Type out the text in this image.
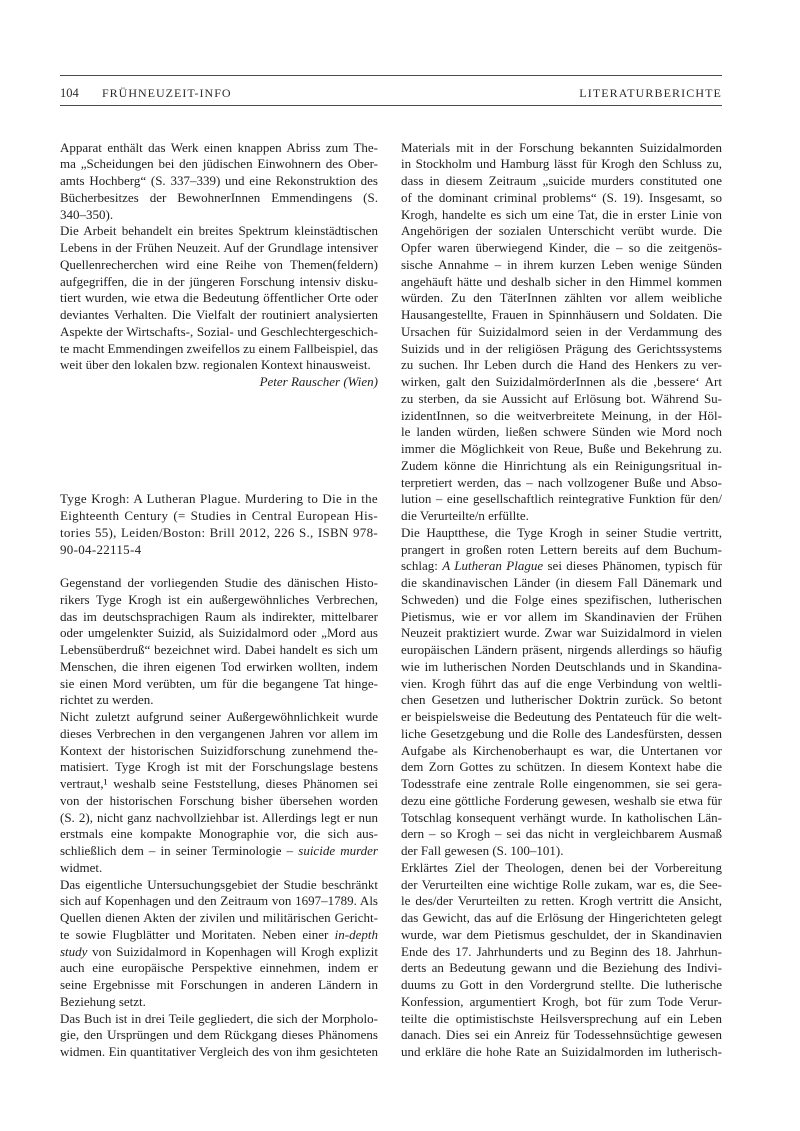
104 FRÜHNEUZEIT-INFO	LITERATURBERICHTE
Apparat enthält das Werk einen knappen Abriss zum The-
ma „Scheidungen bei den jüdischen Einwohnern des Ober-
amts Hochberg“ (S. 337–339) und eine Rekonstruktion des
Bücherbesitzes der BewohnerInnen Emmendingens (S.
340–350).
Die Arbeit behandelt ein breites Spektrum kleinstädtischen
Lebens in der Frühen Neuzeit. Auf der Grundlage intensiver
Quellenrecherchen wird eine Reihe von Themen(feldern)
aufgegriffen, die in der jüngeren Forschung intensiv disku-
tiert wurden, wie etwa die Bedeutung öffentlicher Orte oder
deviantes Verhalten. Die Vielfalt der routiniert analysierten
Aspekte der Wirtschafts-, Sozial- und Geschlechtergeschich-
te macht Emmendingen zweifellos zu einem Fallbeispiel, das
weit über den lokalen bzw. regionalen Kontext hinausweist.
Peter Rauscher (Wien)
Tyge Krogh: A Lutheran Plague. Murdering to Die in the
Eighteenth Century (= Studies in Central European His-
tories 55), Leiden/Boston: Brill 2012, 226 S., ISBN 978-
90-04-22115-4
Gegenstand der vorliegenden Studie des dänischen Histo-
rikers Tyge Krogh ist ein außergewöhnliches Verbrechen,
das im deutschsprachigen Raum als indirekter, mittelbarer
oder umgelenkter Suizid, als Suizidalmord oder „Mord aus
Lebensüberdruß“ bezeichnet wird. Dabei handelt es sich um
Menschen, die ihren eigenen Tod erwirken wollten, indem
sie einen Mord verübten, um für die begangene Tat hinge-
richtet zu werden.
Nicht zuletzt aufgrund seiner Außergewöhnlichkeit wurde
dieses Verbrechen in den vergangenen Jahren vor allem im
Kontext der historischen Suizidforschung zunehmend the-
matisiert. Tyge Krogh ist mit der Forschungslage bestens
vertraut,¹ weshalb seine Feststellung, dieses Phänomen sei
von der historischen Forschung bisher übersehen worden
(S. 2), nicht ganz nachvollziehbar ist. Allerdings legt er nun
erstmals eine kompakte Monographie vor, die sich aus-
schließlich dem – in seiner Terminologie – suicide murder
widmet.
Das eigentliche Untersuchungsgebiet der Studie beschränkt
sich auf Kopenhagen und den Zeitraum von 1697–1789. Als
Quellen dienen Akten der zivilen und militärischen Gericht-
te sowie Flugblätter und Moritaten. Neben einer in-depth
study von Suizidalmord in Kopenhagen will Krogh explizit
auch eine europäische Perspektive einnehmen, indem er
seine Ergebnisse mit Forschungen in anderen Ländern in
Beziehung setzt.
Das Buch ist in drei Teile gegliedert, die sich der Morpholo-
gie, den Ursprüngen und dem Rückgang dieses Phänomens
widmen. Ein quantitativer Vergleich des von ihm gesichteten
Materials mit in der Forschung bekannten Suizidalmorden
in Stockholm und Hamburg lässt für Krogh den Schluss zu,
dass in diesem Zeitraum „suicide murders constituted one
of the dominant criminal problems“ (S. 19). Insgesamt, so
Krogh, handelte es sich um eine Tat, die in erster Linie von
Angehörigen der sozialen Unterschicht verübt wurde. Die
Opfer waren überwiegend Kinder, die – so die zeitgenös-
sische Annahme – in ihrem kurzen Leben wenige Sünden
angehäuft hätte und deshalb sicher in den Himmel kommen
würden. Zu den TäterInnen zählten vor allem weibliche
Hausangestellte, Frauen in Spinnhäusern und Soldaten. Die
Ursachen für Suizidalmord seien in der Verdammung des
Suizids und in der religiösen Prägung des Gerichtssystems
zu suchen. Ihr Leben durch die Hand des Henkers zu ver-
wirken, galt den SuizidalmörderInnen als die ‚bessere‘ Art
zu sterben, da sie Aussicht auf Erlösung bot. Während Su-
izidentInnen, so die weitverbreitete Meinung, in der Höl-
le landen würden, ließen schwere Sünden wie Mord noch
immer die Möglichkeit von Reue, Buße und Bekehrung zu.
Zudem könne die Hinrichtung als ein Reinigungsritual in-
terpretiert werden, das – nach vollzogener Buße und Abso-
lution – eine gesellschaftlich reintegrative Funktion für den/
die Verurteilte/n erfüllte.
Die Hauptthese, die Tyge Krogh in seiner Studie vertritt,
prangert in großen roten Lettern bereits auf dem Buchum-
schlag: A Lutheran Plague sei dieses Phänomen, typisch für
die skandinavischen Länder (in diesem Fall Dänemark und
Schweden) und die Folge eines spezifischen, lutherischen
Pietismus, wie er vor allem im Skandinavien der Frühen
Neuzeit praktiziert wurde. Zwar war Suizidalmord in vielen
europäischen Ländern präsent, nirgends allerdings so häufig
wie im lutherischen Norden Deutschlands und in Skandina-
vien. Krogh führt das auf die enge Verbindung von weltli-
chen Gesetzen und lutherischer Doktrin zurück. So betont
er beispielsweise die Bedeutung des Pentateuch für die welt-
liche Gesetzgebung und die Rolle des Landesfürsten, dessen
Aufgabe als Kirchenoberhaupt es war, die Untertanen vor
dem Zorn Gottes zu schützen. In diesem Kontext habe die
Todesstrafe eine zentrale Rolle eingenommen, sie sei gera-
dezu eine göttliche Forderung gewesen, weshalb sie etwa für
Totschlag konsequent verhängt wurde. In katholischen Län-
dern – so Krogh – sei das nicht in vergleichbarem Ausmaß
der Fall gewesen (S. 100–101).
Erklärtes Ziel der Theologen, denen bei der Vorbereitung
der Verurteilten eine wichtige Rolle zukam, war es, die See-
le des/der Verurteilten zu retten. Krogh vertritt die Ansicht,
das Gewicht, das auf die Erlösung der Hingerichteten gelegt
wurde, war dem Pietismus geschuldet, der in Skandinavien
Ende des 17. Jahrhunderts und zu Beginn des 18. Jahrhun-
derts an Bedeutung gewann und die Beziehung des Indivi-
duums zu Gott in den Vordergrund stellte. Die lutherische
Konfession, argumentiert Krogh, bot für zum Tode Verur-
teilte die optimistischste Heilsversprechung auf ein Leben
danach. Dies sei ein Anreiz für Todessehnsüchtige gewesen
und erkläre die hohe Rate an Suizidalmorden im lutherisch-
